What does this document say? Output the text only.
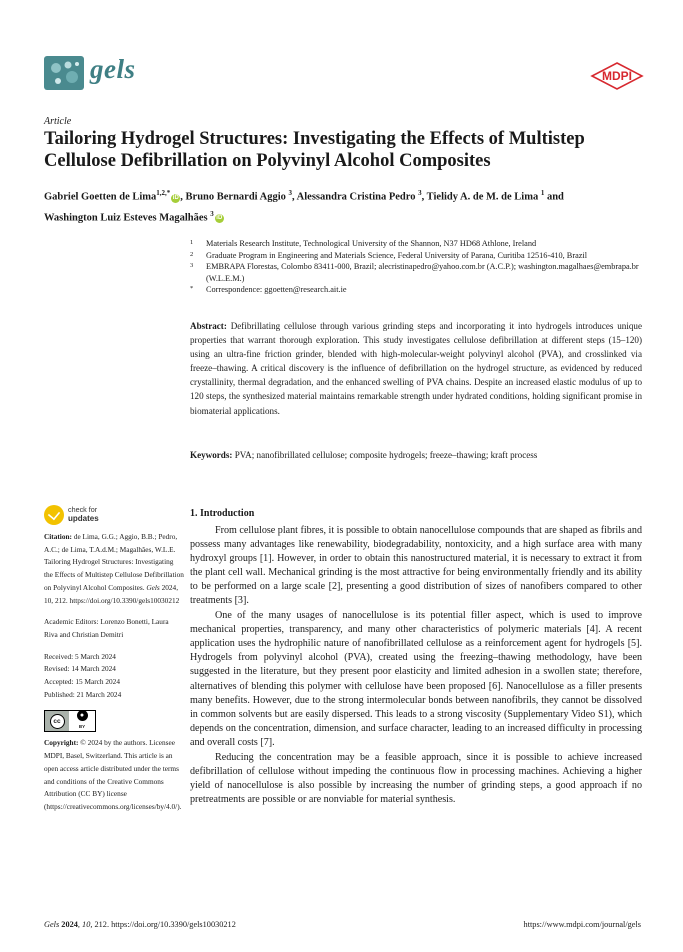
gels	MDPI
Article
Tailoring Hydrogel Structures: Investigating the Effects of Multistep Cellulose Defibrillation on Polyvinyl Alcohol Composites
Gabriel Goetten de Lima$^{1,2,*}$iD , Bruno Bernardi Aggio $^3$, Alessandra Cristina Pedro $^3$, Tielidy A. de M. de Lima $^1$ and
Washington Luiz Esteves Magalhães $^3$iD
1	Materials Research Institute, Technological University of the Shannon, N37 HD68 Athlone, Ireland
2	Graduate Program in Engineering and Materials Science, Federal University of Parana, Curitiba 12516-410, Brazil
3	EMBRAPA Florestas, Colombo 83411-000, Brazil; alecristinapedro@yahoo.com.br (A.C.P.); washington.magalhaes@embrapa.br (W.L.E.M.)
*	Correspondence: ggoetten@research.ait.ie
Abstract: Defibrillating cellulose through various grinding steps and incorporating it into hydrogels introduces unique properties that warrant thorough exploration. This study investigates cellulose defibrillation at different steps (15–120) using an ultra-fine friction grinder, blended with high-molecular-weight polyvinyl alcohol (PVA), and crosslinked via freeze–thawing. A critical discovery is the influence of defibrillation on the hydrogel structure, as evidenced by reduced crystallinity, thermal degradation, and the enhanced swelling of PVA chains. Despite an increased elastic modulus of up to 120 steps, the synthesized material maintains remarkable strength under hydrated conditions, holding significant promise in biomaterial applications.
Keywords: PVA; nanofibrillated cellulose; composite hydrogels; freeze–thawing; kraft process
check for
updates

Citation: de Lima, G.G.; Aggio, B.B.; Pedro, A.C.; de Lima, T.A.d.M.; Magalhães, W.L.E. Tailoring Hydrogel Structures: Investigating the Effects of Multistep Cellulose Defibrillation on Polyvinyl Alcohol Composites. Gels 2024, 10, 212. https://doi.org/10.3390/gels10030212

Academic Editors: Lorenzo Bonetti, Laura Riva and Christian Demitri

Received: 5 March 2024

Revised: 14 March 2024

Accepted: 15 March 2024

Published: 21 March 2024

cc
●
BY

Copyright: © 2024 by the authors. Licensee MDPI, Basel, Switzerland. This article is an open access article distributed under the terms and conditions of the Creative Commons Attribution (CC BY) license (https://creativecommons.org/licenses/by/4.0/).

1. Introduction

From cellulose plant fibres, it is possible to obtain nanocellulose compounds that are shaped as fibrils and possess many advantages like renewability, biodegradability, nontoxicity, and a high surface area with many hydroxyl groups [1]. However, in order to obtain this nanostructured material, it is necessary to extract it from the plant cell wall. Mechanical grinding is the most attractive for being environmentally friendly and its ability to be performed on a large scale [2], presenting a good distribution of sizes of nanofibers compared to other treatments [3].

One of the many usages of nanocellulose is its potential filler aspect, which is used to improve mechanical properties, transparency, and many other characteristics of polymeric materials [4]. A recent application uses the hydrophilic nature of nanofibrillated cellulose as a reinforcement agent for hydrogels [5]. Hydrogels from polyvinyl alcohol (PVA), created using the freezing–thawing methodology, have been suggested in the literature, but they present poor elasticity and limited adhesion in a swollen state; therefore, alternatives of blending this polymer with cellulose have been proposed [6]. Nanocellulose as a filler presents many benefits. However, due to the strong intermolecular bonds between nanofibrils, they cannot be dissolved in common solvents but are easily dispersed. This leads to a strong viscosity (Supplementary Video S1), which depends on the concentration, dimension, and surface character, leading to an increased difficulty in processing and overall costs [7].

Reducing the concentration may be a feasible approach, since it is possible to achieve increased defibrillation of cellulose without impeding the continuous flow in processing machines. Achieving a higher yield of nanocellulose is also possible by increasing the number of grinding steps, a good approach if no pretreatments are possible or are nonviable for material synthesis.

Gels 2024, 10, 212. https://doi.org/10.3390/gels10030212	https://www.mdpi.com/journal/gels
